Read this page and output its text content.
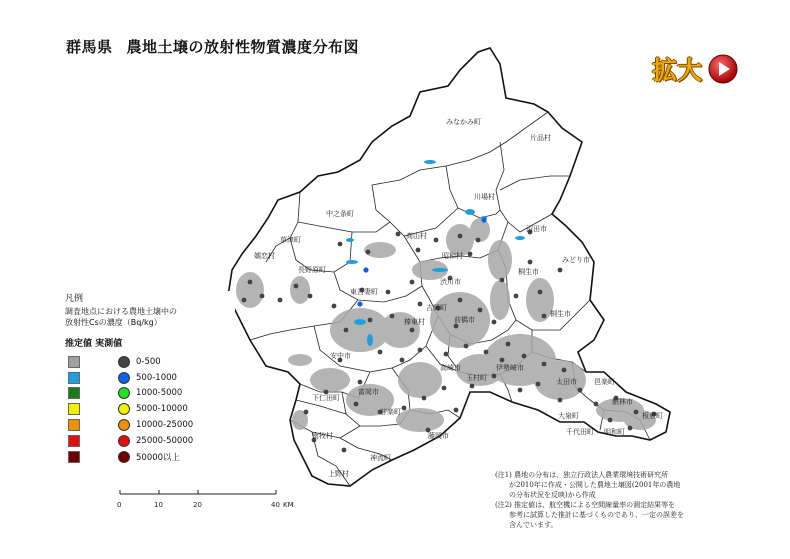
群馬県 農地土壌の放射性物質濃度分布図
拡大
みなかみ町
片品村
川場村
沼田市
中之条町
草津町
嬬恋村
高山村
昭和村	みどり市
長野原町
東吾妻町
渋川市
桐生市
吉岡町
榛東村	前橋市
安中市
高崎市
玉村町
伊勢崎市
太田市 邑楽町
板倉町
大泉町
千代田町 明和町
館林市
下仁田町
富岡市
甘楽町
南牧村	藤岡市
神流町
上野村
桐生市
0	10	20	40 KM
凡例
調査地点における農地土壌中の
放射性Csの濃度（Bq/kg）
推定値 実測値
0-500
500-1000
1000-5000
5000-10000
10000-25000
25000-50000
50000以上

(注1) 農地の分布は、独立行政法人農業環境技術研究所

が2010年に作成・公開した農地土壌図(2001年の農地

の分布状況を反映)から作成

(注2) 推定値は、航空機による空間線量率の測定結果等を

参考に試算した推計に基づくものであり、一定の誤差を

含んでいます。
